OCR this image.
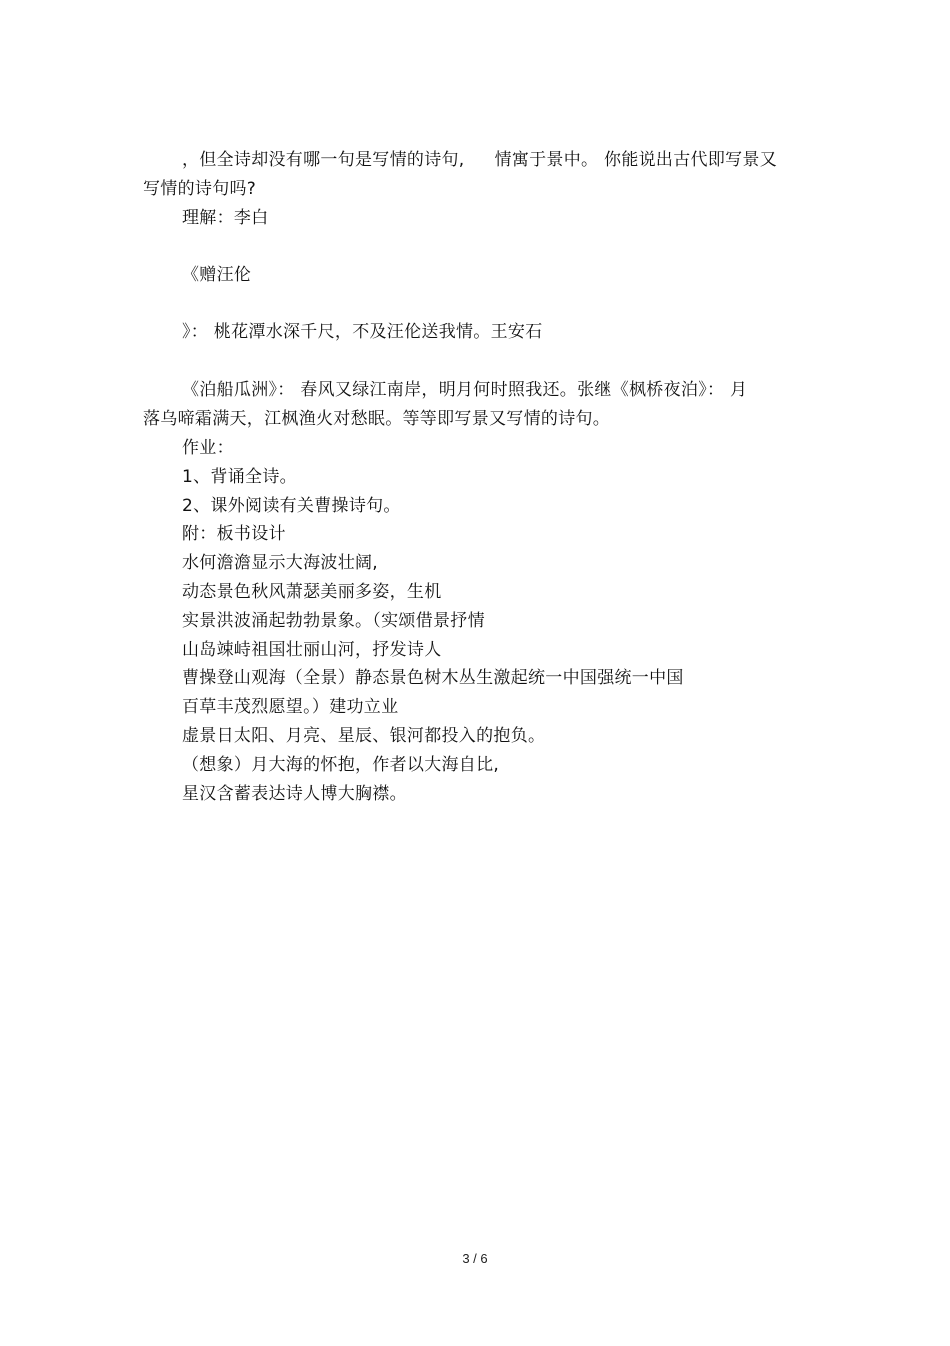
，但全诗却没有哪一句是写情的诗句, 情寓于景中。 你能说出古代即写景又
写情的诗句吗?
理解：李白
《赠汪伦
》： 桃花潭水深千尺，不及汪伦送我情。王安石
《泊船瓜洲》： 春风又绿江南岸，明月何时照我还。张继《枫桥夜泊》： 月
落乌啼霜满天，江枫渔火对愁眠。等等即写景又写情的诗句。
作业：
1、背诵全诗。
2、课外阅读有关曹操诗句。
附：板书设计
水何澹澹显示大海波壮阔,
动态景色秋风萧瑟美丽多姿，生机
实景洪波涌起勃勃景象。（实颂借景抒情
山岛竦峙祖国壮丽山河，抒发诗人
曹操登山观海（全景）静态景色树木丛生激起统一中国强统一中国
百草丰茂烈愿望。）建功立业
虚景日太阳、月亮、星辰、银河都投入的抱负。
（想象）月大海的怀抱，作者以大海自比,
星汉含蓄表达诗人博大胸襟。
3 / 6
